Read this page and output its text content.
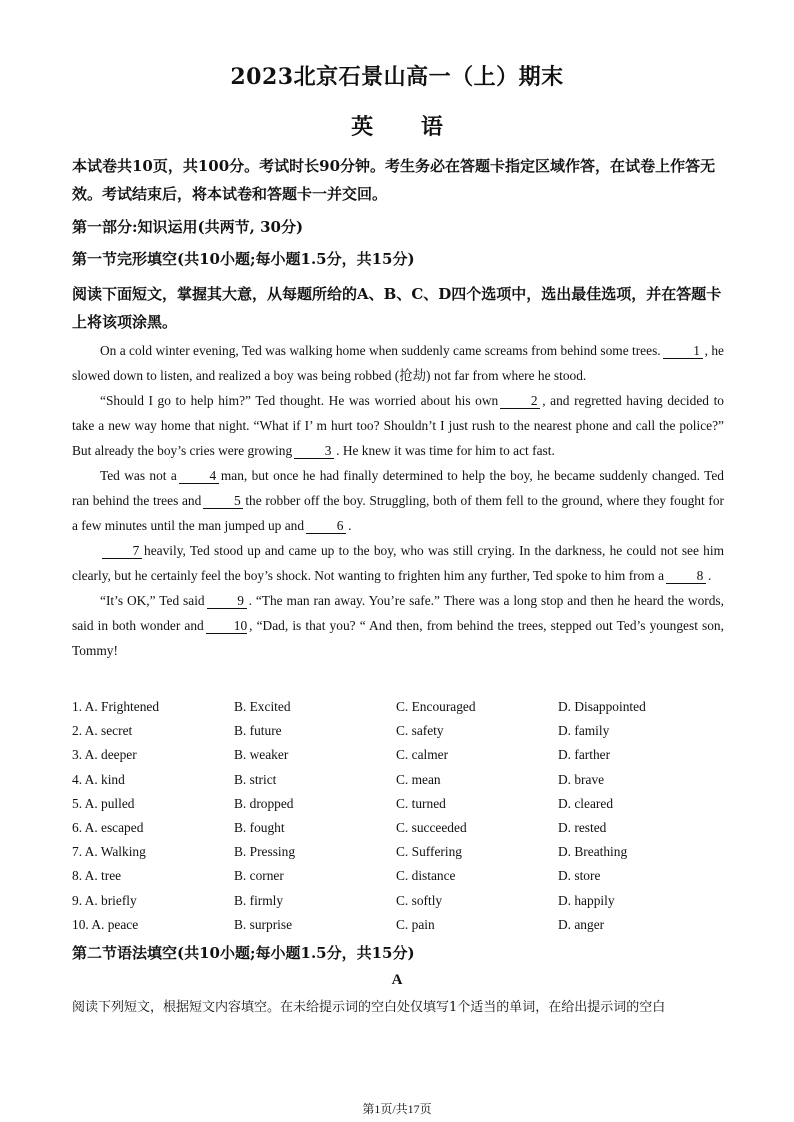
2023北京石景山高一（上）期末
英 语
本试卷共10页，共100分。考试时长90分钟。考生务必在答题卡指定区域作答，在试卷上作答无效。考试结束后，将本试卷和答题卡一并交回。
第一部分:知识运用(共两节, 30分)
第一节完形填空(共10小题;每小题1.5分，共15分)
阅读下面短文，掌握其大意，从每题所给的A、B、C、D四个选项中，选出最佳选项，并在答题卡上将该项涂黑。

On a cold winter evening, Ted was walking home when suddenly came screams from behind some trees. 1 , he slowed down to listen, and realized a boy was being robbed (抢劫) not far from where he stood.

“Should I go to help him?” Ted thought. He was worried about his own 2 , and regretted having decided to take a new way home that night. “What if I’ m hurt too? Shouldn’t I just rush to the nearest phone and call the police?” But already the boy’s cries were growing 3 . He knew it was time for him to act fast.

Ted was not a 4 man, but once he had finally determined to help the boy, he became suddenly changed. Ted ran behind the trees and 5 the robber off the boy. Struggling, both of them fell to the ground, where they fought for a few minutes until the man jumped up and 6 .

7 heavily, Ted stood up and came up to the boy, who was still crying. In the darkness, he could not see him clearly, but he certainly feel the boy’s shock. Not wanting to frighten him any further, Ted spoke to him from a 8 .

“It’s OK,” Ted said 9 . “The man ran away. You’re safe.” There was a long stop and then he heard the words, said in both wonder and 10 , “Dad, is that you? “ And then, from behind the trees, stepped out Ted’s youngest son, Tommy!

1. A. Frightened	B. Excited	C. Encouraged	D. Disappointed
2. A. secret	B. future	C. safety	D. family
3. A. deeper	B. weaker	C. calmer	D. farther
4. A. kind	B. strict	C. mean	D. brave
5. A. pulled	B. dropped	C. turned	D. cleared
6. A. escaped	B. fought	C. succeeded	D. rested
7. A. Walking	B. Pressing	C. Suffering	D. Breathing
8. A. tree	B. corner	C. distance	D. store
9. A. briefly	B. firmly	C. softly	D. happily
10. A. peace	B. surprise	C. pain	D. anger
第二节语法填空(共10小题;每小题1.5分，共15分)
A
阅读下列短文，根据短文内容填空。在未给提示词的空白处仅填写1个适当的单词，在给出提示词的空白
第1页/共17页
